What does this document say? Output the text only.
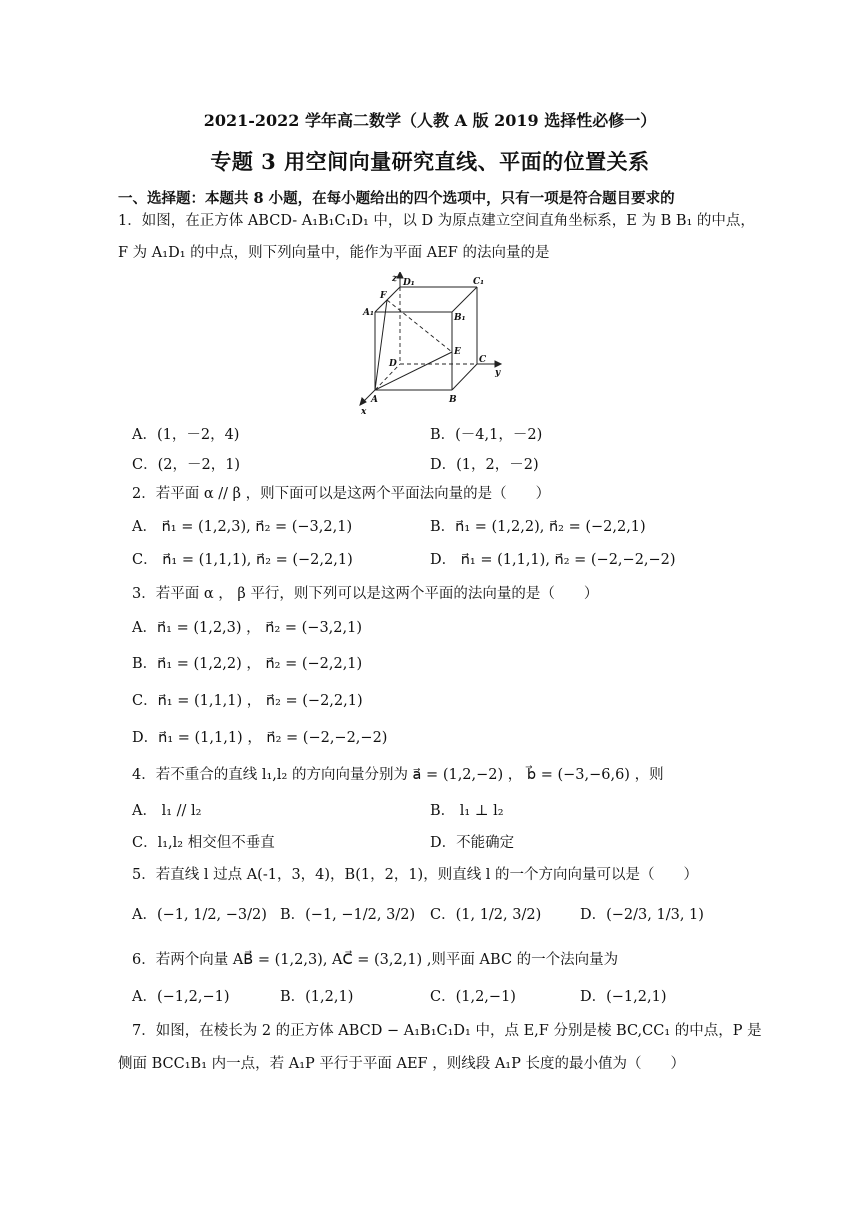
2021-2022 学年高二数学（人教 A 版 2019 选择性必修一）
专题 3 用空间向量研究直线、平面的位置关系
一、选择题：本题共 8 小题，在每小题给出的四个选项中，只有一项是符合题目要求的
1．如图，在正方体 ABCD- A₁B₁C₁D₁ 中，以 D 为原点建立空间直角坐标系，E 为 B B₁ 的中点，
F 为 A₁D₁ 的中点，则下列向量中，能作为平面 AEF 的法向量的是
z D₁	C₁
F
A₁	B₁
D
E
C
y
A	B
x
A．(1，－2，4)	B．(－4,1，－2)
C．(2，－2，1)	D．(1，2，－2)
2．若平面 α // β ，则下面可以是这两个平面法向量的是（　　）
A． n⃗₁ = (1,2,3), n⃗₂ = (−3,2,1)	B．n⃗₁ = (1,2,2), n⃗₂ = (−2,2,1)
C． n⃗₁ = (1,1,1), n⃗₂ = (−2,2,1)	D． n⃗₁ = (1,1,1), n⃗₂ = (−2,−2,−2)
3．若平面 α ， β 平行，则下列可以是这两个平面的法向量的是（　　）
A．n⃗₁ = (1,2,3) ， n⃗₂ = (−3,2,1)
B．n⃗₁ = (1,2,2) ， n⃗₂ = (−2,2,1)
C．n⃗₁ = (1,1,1) ， n⃗₂ = (−2,2,1)
D．n⃗₁ = (1,1,1) ， n⃗₂ = (−2,−2,−2)
4．若不重合的直线 l₁,l₂ 的方向向量分别为 a⃗ = (1,2,−2) ， b⃗ = (−3,−6,6) ，则
A． l₁ // l₂	B． l₁ ⊥ l₂
C．l₁,l₂ 相交但不垂直	D．不能确定
5．若直线 l 过点 A(-1，3，4)，B(1，2，1)，则直线 l 的一个方向向量可以是（　　）
A．(−1, 1/2, −3/2) B．(−1, −1/2, 3/2) C．(1, 1/2, 3/2)	D．(−2/3, 1/3, 1)
6．若两个向量 AB⃗ = (1,2,3), AC⃗ = (3,2,1) ,则平面 ABC 的一个法向量为
A．(−1,2,−1)	B．(1,2,1)	C．(1,2,−1)	D．(−1,2,1)
7．如图，在棱长为 2 的正方体 ABCD − A₁B₁C₁D₁ 中，点 E,F 分别是棱 BC,CC₁ 的中点，P 是
侧面 BCC₁B₁ 内一点，若 A₁P 平行于平面 AEF ，则线段 A₁P 长度的最小值为（　　）
